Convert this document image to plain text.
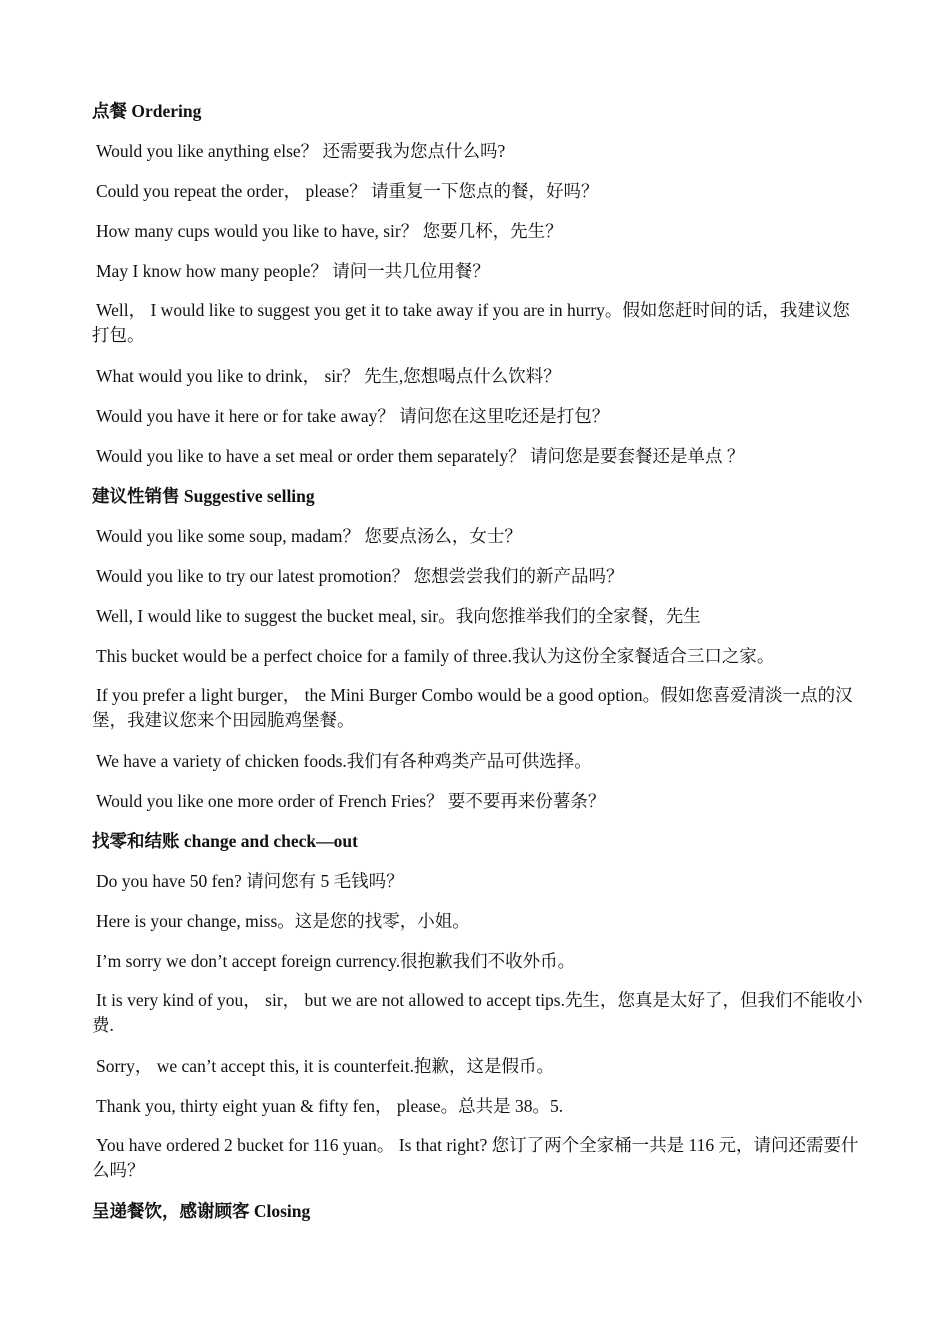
点餐 Ordering

Would you like anything else？ 还需要我为您点什么吗?

Could you repeat the order， please？ 请重复一下您点的餐，好吗？

How many cups would you like to have, sir？ 您要几杯，先生？

May I know how many people？ 请问一共几位用餐？

Well， I would like to suggest you get it to take away if you are in hurry。假如您赶时间的话，我建议您打包。

What would you like to drink， sir？ 先生,您想喝点什么饮料？

Would you have it here or for take away？ 请问您在这里吃还是打包？

Would you like to have a set meal or order them separately？ 请问您是要套餐还是单点 ？

建议性销售 Suggestive selling

Would you like some soup, madam？ 您要点汤么，女士？

Would you like to try our latest promotion？ 您想尝尝我们的新产品吗？

Well, I would like to suggest the bucket meal, sir。我向您推举我们的全家餐，先生

This bucket would be a perfect choice for a family of three.我认为这份全家餐适合三口之家。

If you prefer a light burger， the Mini Burger Combo would be a good option。假如您喜爱清淡一点的汉堡，我建议您来个田园脆鸡堡餐。

We have a variety of chicken foods.我们有各种鸡类产品可供选择。

Would you like one more order of French Fries？ 要不要再来份薯条？

找零和结账 change and check—out

Do you have 50 fen? 请问您有 5 毛钱吗？

Here is your change, miss。这是您的找零，小姐。

I’m sorry we don’t accept foreign currency.很抱歉我们不收外币。

It is very kind of you， sir， but we are not allowed to accept tips.先生，您真是太好了，但我们不能收小费.

Sorry， we can’t accept this, it is counterfeit.抱歉，这是假币。

Thank you, thirty eight yuan & fifty fen， please。总共是 38。5.

You have ordered 2 bucket for 116 yuan。 Is that right? 您订了两个全家桶一共是 116 元，请问还需要什么吗？

呈递餐饮，感谢顾客 Closing
